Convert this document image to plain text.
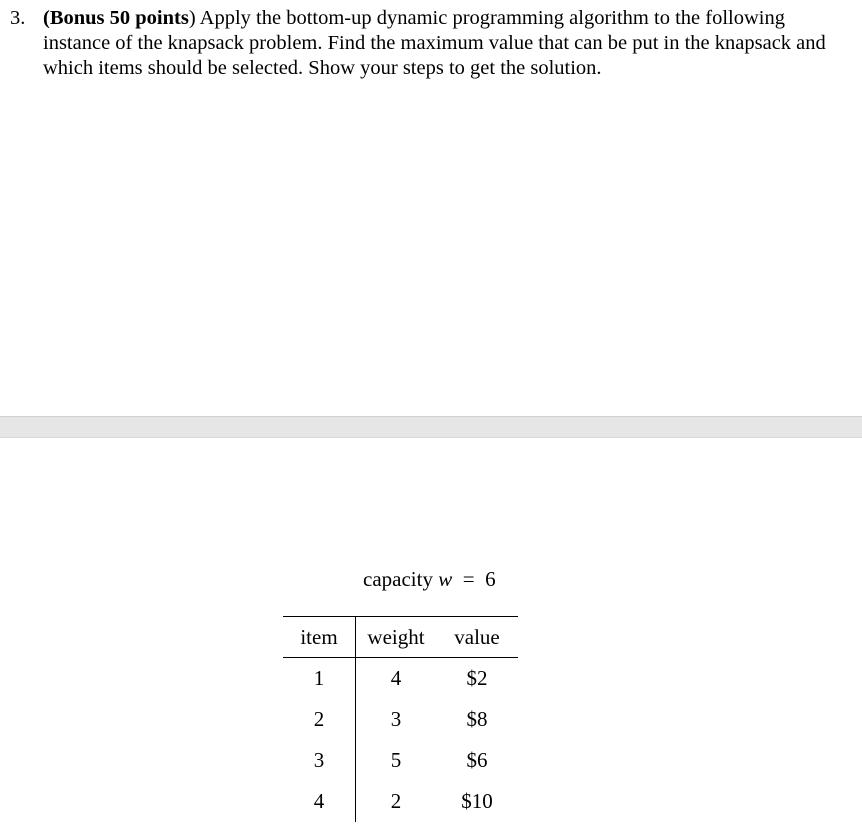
3. (Bonus 50 points) Apply the bottom-up dynamic programming algorithm to the following instance of the knapsack problem. Find the maximum value that can be put in the knapsack and which items should be selected. Show your steps to get the solution.
capacity w = 6
item	weight	value
1	4	$2
2	3	$8
3	5	$6
4	2	$10
